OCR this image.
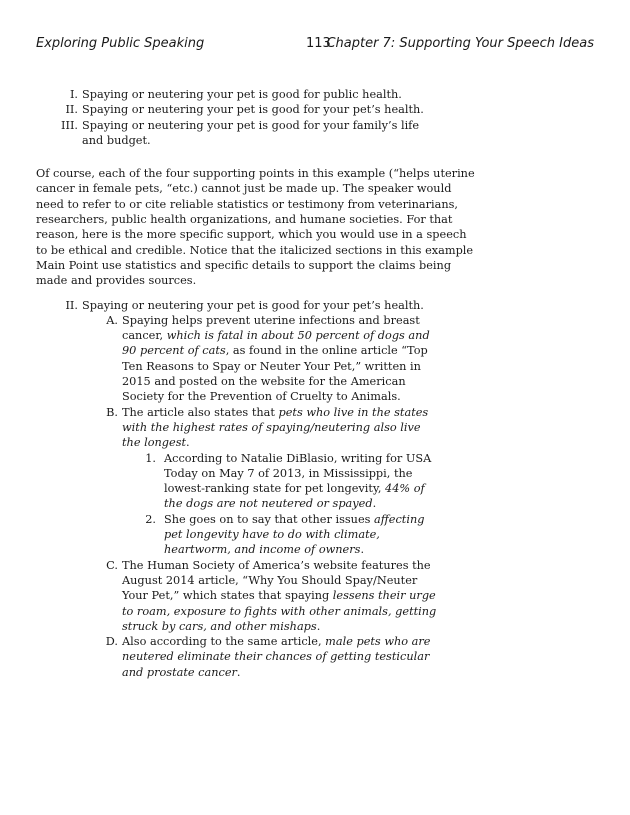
Exploring Public Speaking	113
Chapter 7: Supporting Your Speech Ideas
I. Spaying or neutering your pet is good for public health.
II. Spaying or neutering your pet is good for your pet’s health.
III. Spaying or neutering your pet is good for your family’s life and budget.

Of course, each of the four supporting points in this example (“helps uterine cancer in female pets, “etc.) cannot just be made up. The speaker would need to refer to or cite reliable statistics or testimony from veterinarians, researchers, public health organizations, and humane societies. For that reason, here is the more specific support, which you would use in a speech to be ethical and credible. Notice that the italicized sections in this example Main Point use statistics and specific details to support the claims being made and provides sources.

II. Spaying or neutering your pet is good for your pet’s health.
A. Spaying helps prevent uterine infections and breast cancer, which is fatal in about 50 percent of dogs and 90 percent of cats, as found in the online article “Top Ten Reasons to Spay or Neuter Your Pet,” written in 2015 and posted on the website for the American Society for the Prevention of Cruelty to Animals.
B. The article also states that pets who live in the states with the highest rates of spaying/neutering also live the longest.
1. According to Natalie DiBlasio, writing for USA Today on May 7 of 2013, in Mississippi, the lowest-ranking state for pet longevity, 44% of the dogs are not neutered or spayed.
2. She goes on to say that other issues affecting pet longevity have to do with climate, heartworm, and income of owners.
C. The Human Society of America’s website features the August 2014 article, “Why You Should Spay/Neuter Your Pet,” which states that spaying lessens their urge to roam, exposure to fights with other animals, getting struck by cars, and other mishaps.
D. Also according to the same article, male pets who are neutered eliminate their chances of getting testicular and prostate cancer.
